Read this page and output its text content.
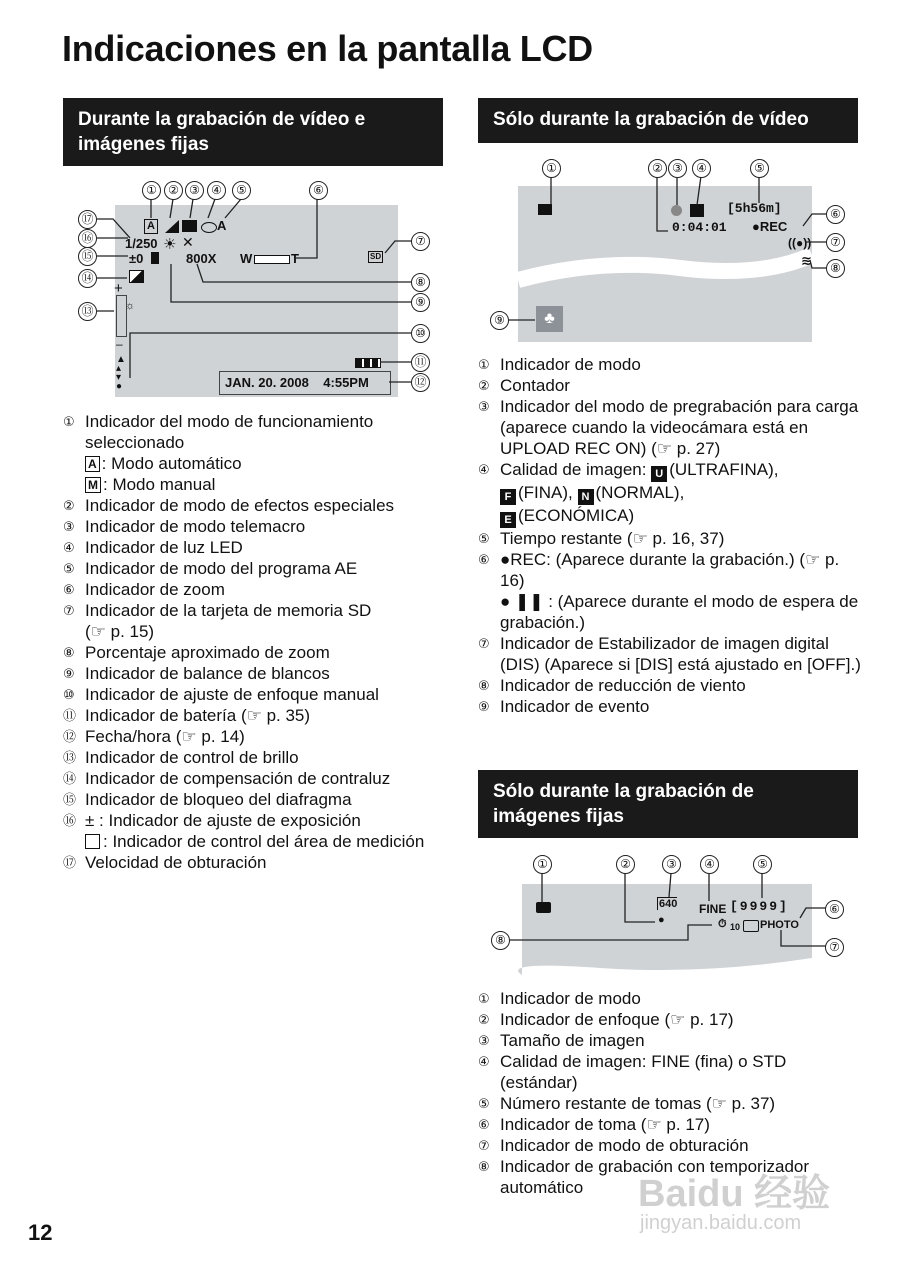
Indicaciones en la pantalla LCD
Durante la grabación de vídeo e imágenes fijas
A	A
1/250 ☀ ✕
±0	800X W	T	SD
+
☼
–
▲
▴
▾
●	JAN. 20. 2008    4:55PM
① ② ③ ④	⑤	⑥
⑦
⑧
⑨
⑩
⑪
⑫
⑬
⑭
⑮
⑯
⑰
① Indicador del modo de funcionamiento seleccionado
A : Modo automático
M : Modo manual
② Indicador de modo de efectos especiales
③ Indicador de modo telemacro
④ Indicador de luz LED
⑤ Indicador de modo del programa AE
⑥ Indicador de zoom
⑦ Indicador de la tarjeta de memoria SD
(☞ p. 15)
⑧ Porcentaje aproximado de zoom
⑨ Indicador de balance de blancos
⑩ Indicador de ajuste de enfoque manual
⑪ Indicador de batería (☞ p. 35)
⑫ Fecha/hora (☞ p. 14)
⑬ Indicador de control de brillo
⑭ Indicador de compensación de contraluz
⑮ Indicador de bloqueo del diafragma
⑯ ± : Indicador de ajuste de exposición
: Indicador de control del área de medición
⑰ Velocidad de obturación
Sólo durante la grabación de vídeo
[5h56m]
0:04:01 ●REC
((●))
≋
♣
①	② ③	④	⑤
⑥
⑦
⑧
⑨
① Indicador de modo
② Contador
③ Indicador del modo de pregrabación para carga (aparece cuando la videocámara está en UPLOAD REC ON) (☞ p. 27)
④ Calidad de imagen: U (ULTRAFINA),
F (FINA), N (NORMAL),
E (ECONÓMICA)
⑤ Tiempo restante (☞ p. 16, 37)
⑥ ●REC: (Aparece durante la grabación.) (☞ p. 16)
● ❚❚ : (Aparece durante el modo de espera de grabación.)
⑦ Indicador de Estabilizador de imagen digital (DIS) (Aparece si [DIS] está ajustado en [OFF].)
⑧ Indicador de reducción de viento
⑨ Indicador de evento
Sólo durante la grabación de imágenes fijas
640
●
FINE [9999]
⏱ 10 PHOTO
①	②	③	④	⑤
⑥
⑦
⑧
① Indicador de modo
② Indicador de enfoque (☞ p. 17)
③ Tamaño de imagen
④ Calidad de imagen: FINE (fina) o STD (estándar)
⑤ Número restante de tomas (☞ p. 37)
⑥ Indicador de toma (☞ p. 17)
⑦ Indicador de modo de obturación
⑧ Indicador de grabación con temporizador automático

12

Baidu 经验
jingyan.baidu.com
